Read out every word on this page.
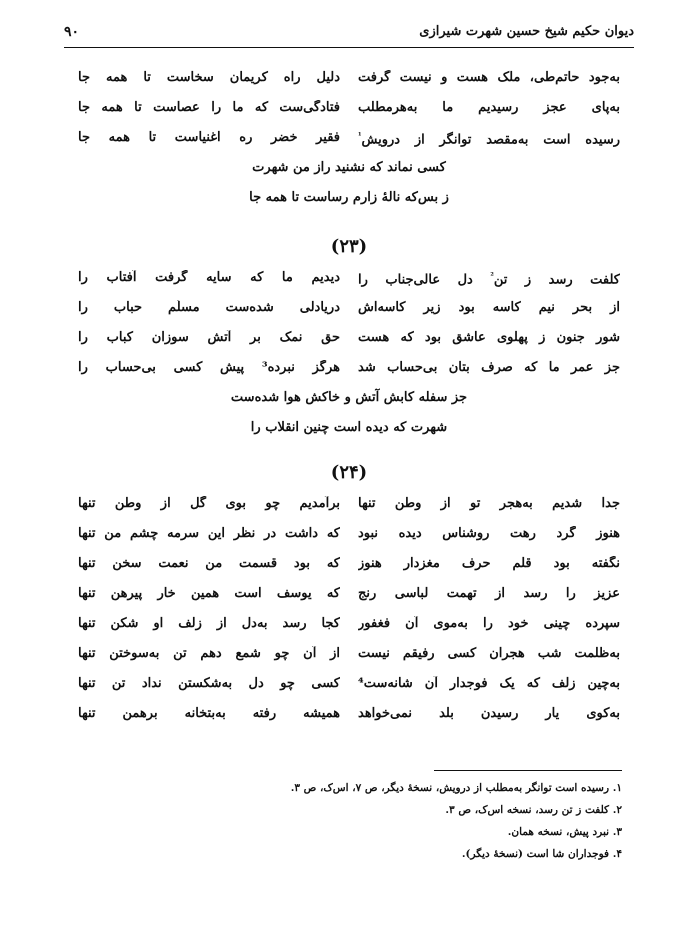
دیوان حکیم شیخ حسین شهرت شیرازی
۹۰
به‌جود حاتم‌طی، ملک هست و نیست گرفت
دلیل راه کریمان سخاست تا همه جا
به‌پای عجز رسیدیم ما به‌هرمطلب
فتادگی‌ست که ما را عصاست تا همه جا
رسیده است به‌مقصد توانگر از درویش$^{^1}$
فقیر خضر ره اغنیاست تا همه جا
کسی نماند که نشنید راز من شهرت
ز بس‌که نالهٔ زارم رساست تا همه جا
(۲۳)
کلفت رسد ز تن$^{^2}$ دل عالی‌جناب را
دیدیم ما که سایه گرفت آفتاب را
از بحر نیم کاسه بود زیر کاسه‌اش
دریادلی شده‌ست مسلّم حباب را
شور جنون ز پهلوی عاشق بود که هست
حق نمک بر آتش سوزان کباب را
جز عمر ما که صرف بتان بی‌حساب شد
هرگز نبرده³ پیش کسی بی‌حساب را
جز سفله کابش آتش و خاکش هوا شده‌ست
شهرت که دیده است چنین انقلاب را
(۲۴)
جدا شدیم به‌هجر تو از وطن تنها
برآمدیم چو بوی گل از وطن تنها
هنوز گرد رهت روشناس دیده نبود
که داشت در نظر این سرمه چشم من تنها
نگفته بود قلم حرف مغزدار هنوز
که بود قسمت من نعمت سخن تنها
عزیز را رسد از تهمت لباسی رنج
که یوسف است همین خار پیرهن تنها
سپرده چینی خود را به‌موی آن فغفور
کجا رسد به‌دل از زلف او شکن تنها
به‌ظلمت شب هجران کسی رفیقم نیست
از آن چو شمع دهم تن به‌سوختن تنها
به‌چین زلف که یک فوجدار آن شانه‌ست⁴
کسی چو دل به‌شکستن نداد تن تنها
به‌کوی یار رسیدن بلد نمی‌خواهد
همیشه رفته به‌بتخانه برهمن تنها
۱. رسیده است توانگر به‌مطلب از درویش، نسخهٔ دیگر، ص ۷، اس‌ک، ص ۳.
۲. کلفت ز تن رسد، نسخه اس‌ک، ص ۳.
۳. نبرد پیش، نسخه همان.
۴. فوجداران شا است (نسخهٔ دیگر).
